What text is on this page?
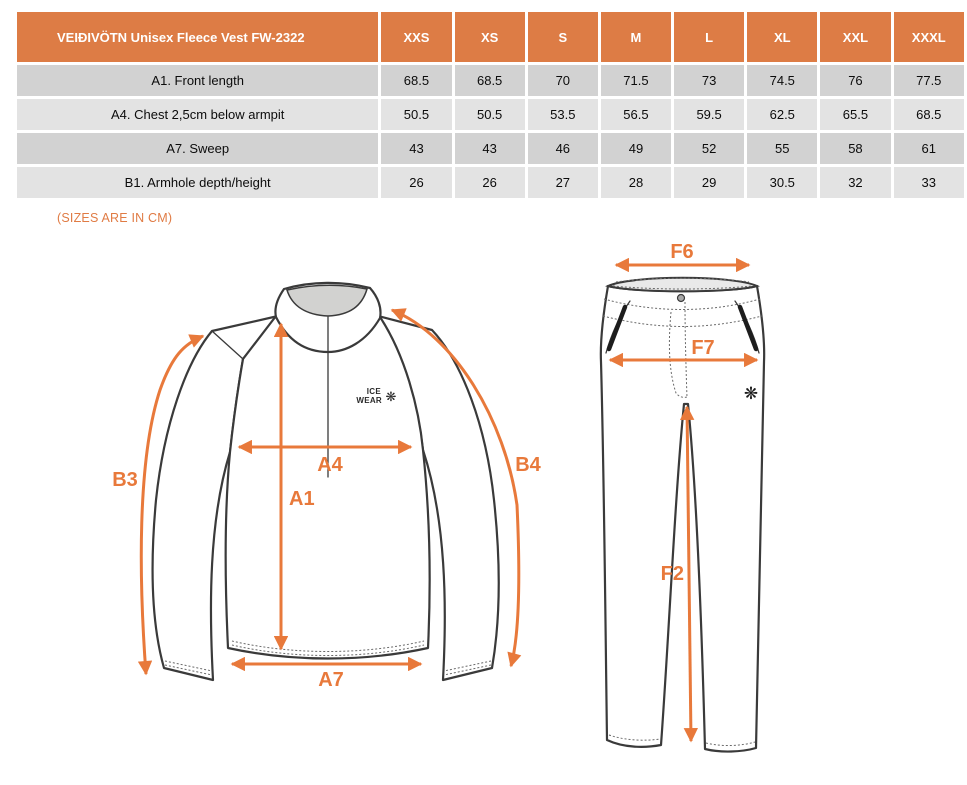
VEIÐIVÖTN Unisex Fleece Vest FW-2322	XXS	XS	S	M	L	XL	XXL	XXXL
A1. Front length	68.5	68.5	70	71.5	73	74.5	76	77.5
A4. Chest 2,5cm below armpit	50.5	50.5	53.5	56.5	59.5	62.5	65.5	68.5
A7. Sweep	43	43	46	49	52	55	58	61
B1. Armhole depth/height	26	26	27	28	29	30.5	32	33
(SIZES ARE IN CM)
ICE
WEAR ❋
B3
B4
A4
A1
A7
❋
F6
F7
F2
